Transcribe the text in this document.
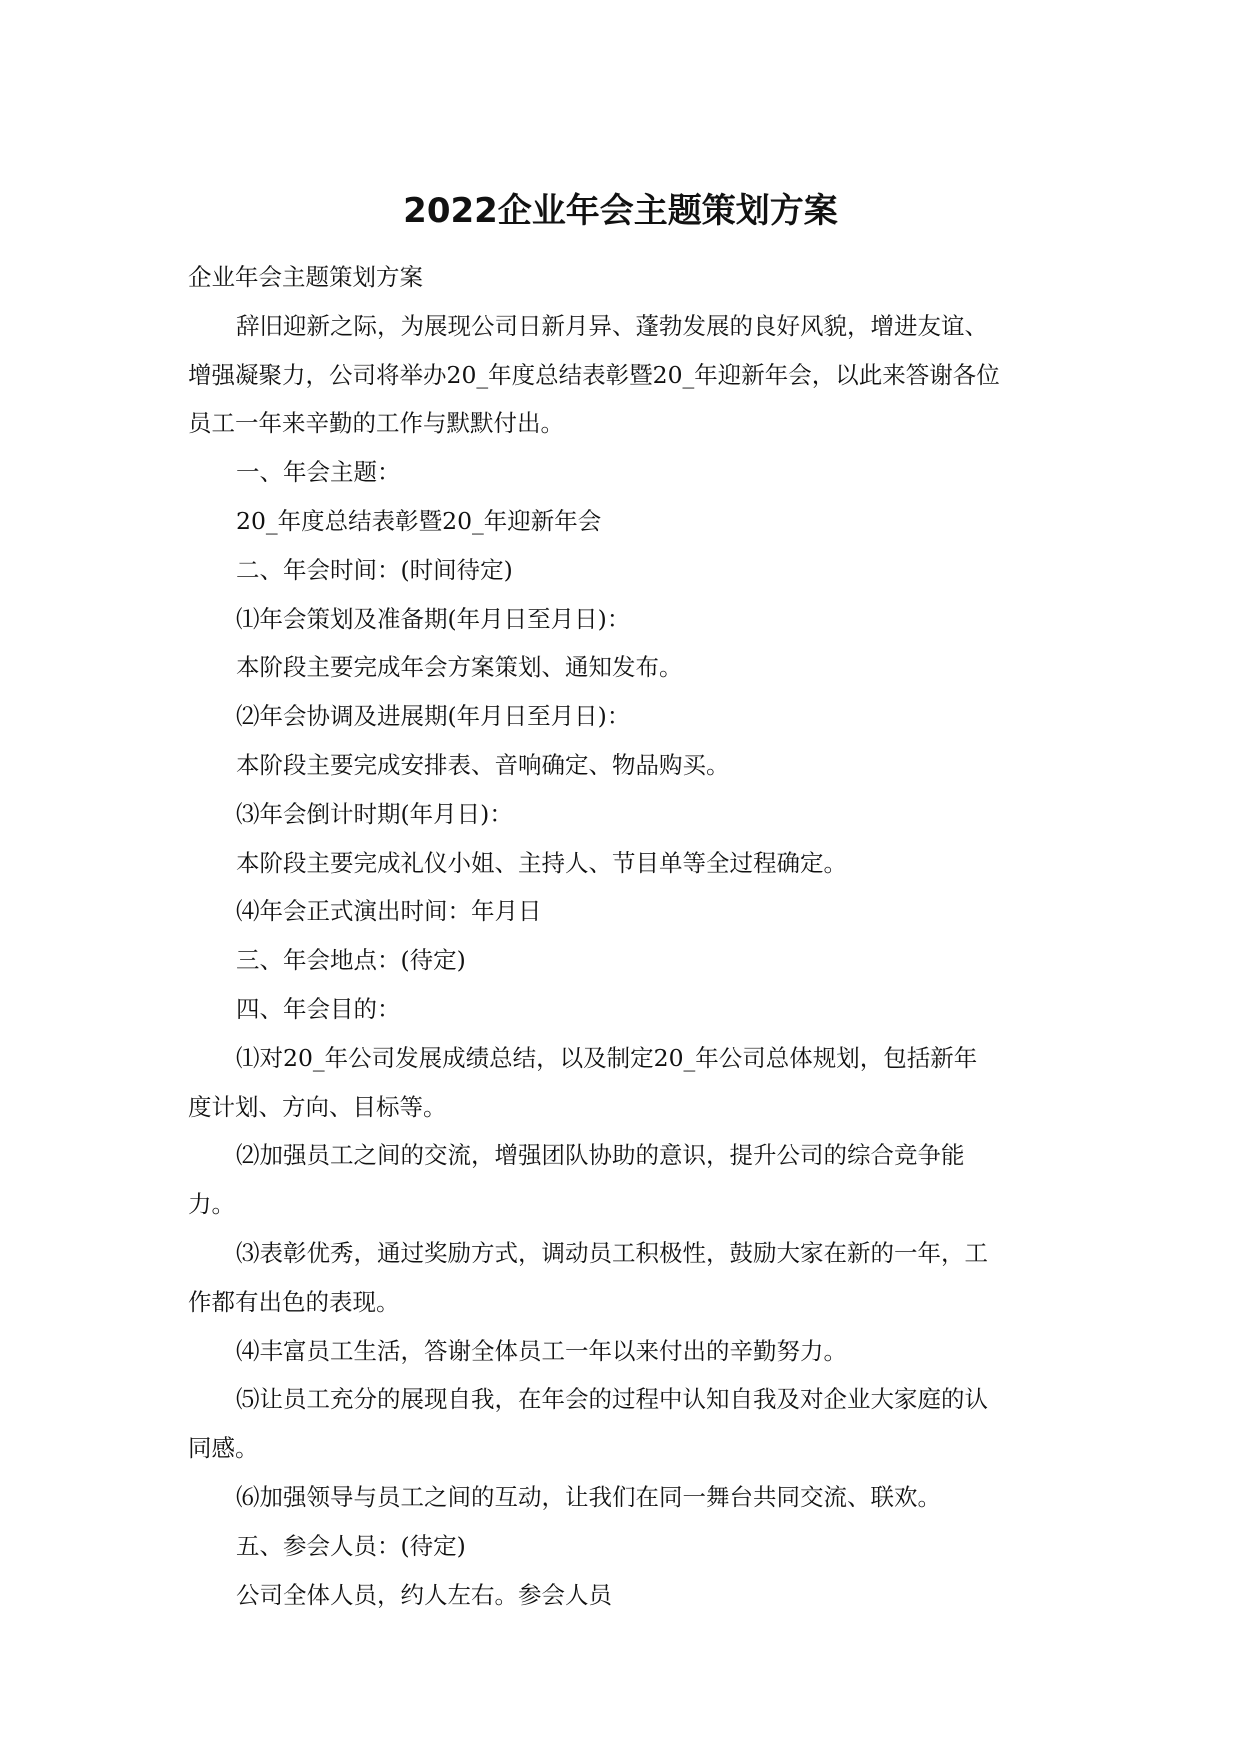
2022企业年会主题策划方案
企业年会主题策划方案
辞旧迎新之际，为展现公司日新月异、蓬勃发展的良好风貌，增进友谊、
增强凝聚力，公司将举办20_年度总结表彰暨20_年迎新年会，以此来答谢各位
员工一年来辛勤的工作与默默付出。
一、年会主题：
20_年度总结表彰暨20_年迎新年会
二、年会时间：(时间待定)
⑴年会策划及准备期(年月日至月日)：
本阶段主要完成年会方案策划、通知发布。
⑵年会协调及进展期(年月日至月日)：
本阶段主要完成安排表、音响确定、物品购买。
⑶年会倒计时期(年月日)：
本阶段主要完成礼仪小姐、主持人、节目单等全过程确定。
⑷年会正式演出时间：年月日
三、年会地点：(待定)
四、年会目的：
⑴对20_年公司发展成绩总结，以及制定20_年公司总体规划，包括新年
度计划、方向、目标等。
⑵加强员工之间的交流，增强团队协助的意识，提升公司的综合竞争能
力。
⑶表彰优秀，通过奖励方式，调动员工积极性，鼓励大家在新的一年，工
作都有出色的表现。
⑷丰富员工生活，答谢全体员工一年以来付出的辛勤努力。
⑸让员工充分的展现自我，在年会的过程中认知自我及对企业大家庭的认
同感。
⑹加强领导与员工之间的互动，让我们在同一舞台共同交流、联欢。
五、参会人员：(待定)
公司全体人员，约人左右。参会人员
